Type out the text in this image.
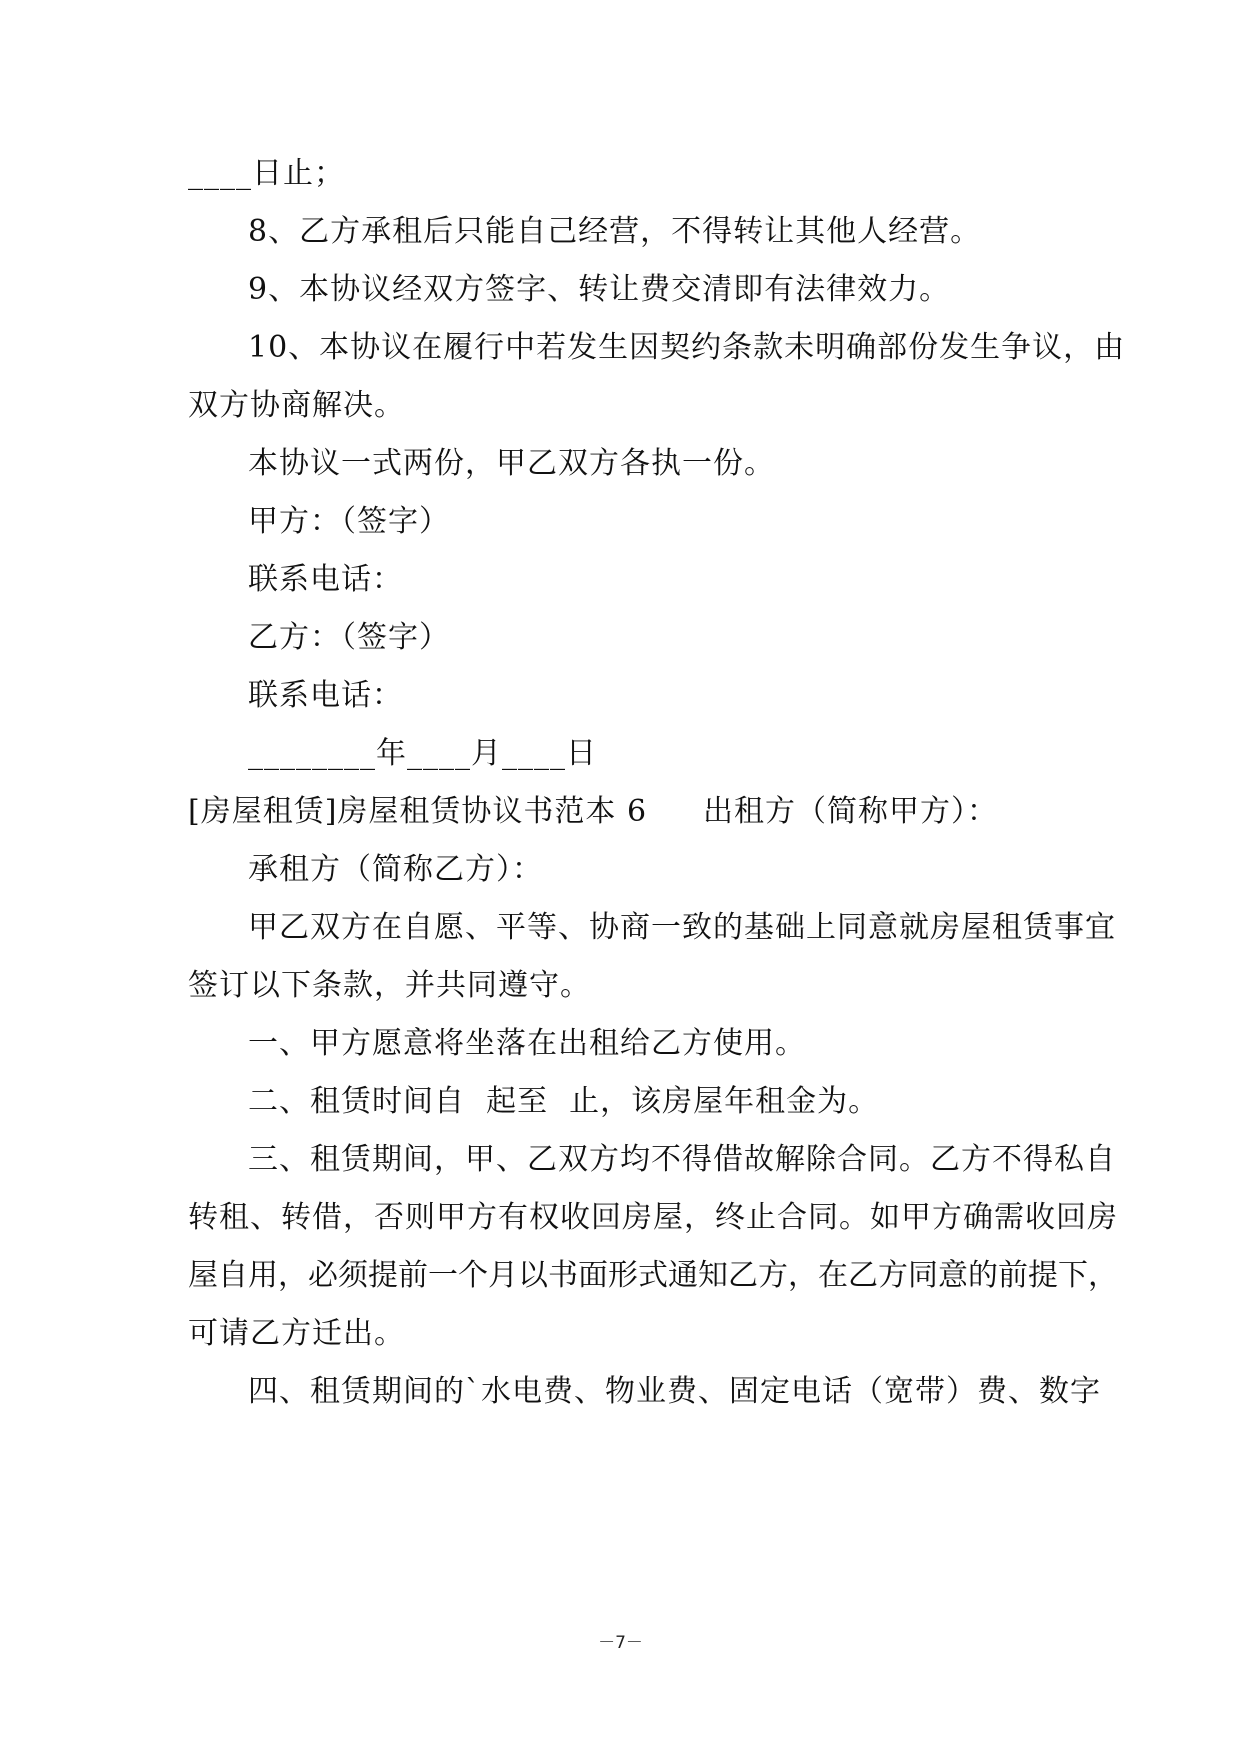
____日止；
8、乙方承租后只能自己经营，不得转让其他人经营。
9、本协议经双方签字、转让费交清即有法律效力。
10、本协议在履行中若发生因契约条款未明确部份发生争议，由
双方协商解决。
本协议一式两份，甲乙双方各执一份。
甲方：（签字）
联系电话：
乙方：（签字）
联系电话：
________年____月____日
[房屋租赁]房屋租赁协议书范本 6 出租方（简称甲方）：
承租方（简称乙方）：
甲乙双方在自愿、平等、协商一致的基础上同意就房屋租赁事宜
签订以下条款，并共同遵守。
一、甲方愿意将坐落在出租给乙方使用。
二、租赁时间自  起至  止，该房屋年租金为。
三、租赁期间，甲、乙双方均不得借故解除合同。乙方不得私自
转租、转借，否则甲方有权收回房屋，终止合同。如甲方确需收回房
屋自用，必须提前一个月以书面形式通知乙方，在乙方同意的前提下，
可请乙方迁出。
四、租赁期间的`水电费、物业费、固定电话（宽带）费、数字
－7－
